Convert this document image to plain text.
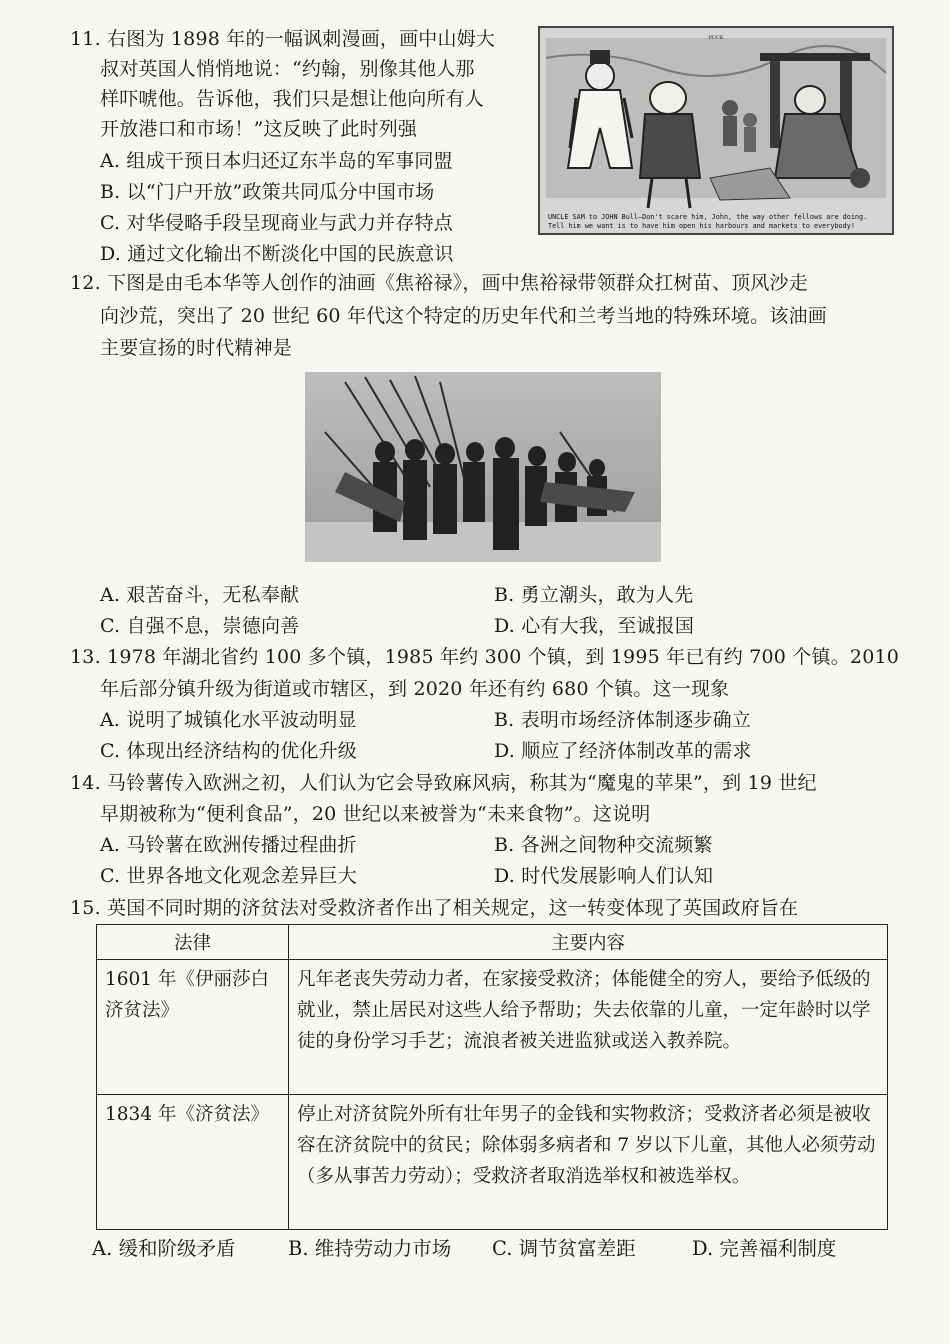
11. 右图为 1898 年的一幅讽刺漫画，画中山姆大
叔对英国人悄悄地说：“约翰，别像其他人那
样吓唬他。告诉他，我们只是想让他向所有人
开放港口和市场！”这反映了此时列强
A. 组成干预日本归还辽东半岛的军事同盟
B. 以“门户开放”政策共同瓜分中国市场
C. 对华侵略手段呈现商业与武力并存特点
D. 通过文化输出不断淡化中国的民族意识
PUCK
UNCLE SAM to JOHN Bull—Don't scare him, John, the way other fellows are doing.
Tell him we want is to have him open his harbours and markets to everybody!
12. 下图是由毛本华等人创作的油画《焦裕禄》，画中焦裕禄带领群众扛树苗、顶风沙走
向沙荒，突出了 20 世纪 60 年代这个特定的历史年代和兰考当地的特殊环境。该油画
主要宣扬的时代精神是
A. 艰苦奋斗，无私奉献	B. 勇立潮头，敢为人先
C. 自强不息，崇德向善	D. 心有大我，至诚报国
13. 1978 年湖北省约 100 多个镇，1985 年约 300 个镇，到 1995 年已有约 700 个镇。2010
年后部分镇升级为街道或市辖区，到 2020 年还有约 680 个镇。这一现象
A. 说明了城镇化水平波动明显	B. 表明市场经济体制逐步确立
C. 体现出经济结构的优化升级	D. 顺应了经济体制改革的需求
14. 马铃薯传入欧洲之初，人们认为它会导致麻风病，称其为“魔鬼的苹果”，到 19 世纪
早期被称为“便利食品”，20 世纪以来被誉为“未来食物”。这说明
A. 马铃薯在欧洲传播过程曲折	B. 各洲之间物种交流频繁
C. 世界各地文化观念差异巨大	D. 时代发展影响人们认知
15. 英国不同时期的济贫法对受救济者作出了相关规定，这一转变体现了英国政府旨在
法律	主要内容
1601 年《伊丽莎白济贫法》	凡年老丧失劳动力者，在家接受救济；体能健全的穷人，要给予低级的就业，禁止居民对这些人给予帮助；失去依靠的儿童，一定年龄时以学徒的身份学习手艺；流浪者被关进监狱或送入教养院。
1834 年《济贫法》	停止对济贫院外所有壮年男子的金钱和实物救济；受救济者必须是被收容在济贫院中的贫民；除体弱多病者和 7 岁以下儿童，其他人必须劳动（多从事苦力劳动）；受救济者取消选举权和被选举权。
A. 缓和阶级矛盾	B. 维持劳动力市场 C. 调节贫富差距	D. 完善福利制度
